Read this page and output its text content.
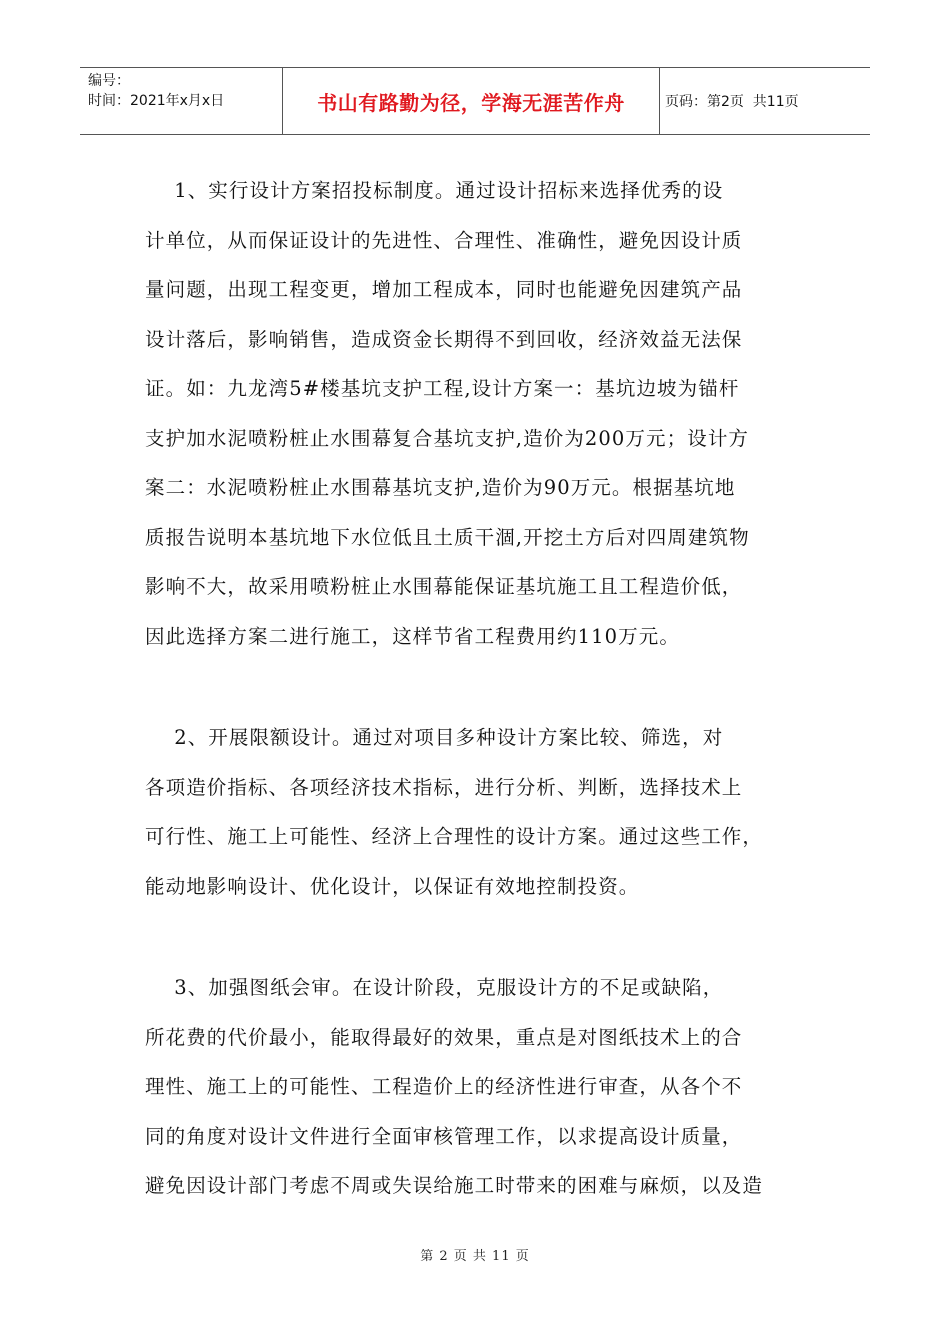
编号：
时间：2021年x月x日	书山有路勤为径，学海无涯苦作舟	页码：第2页  共11页
1、实行设计方案招投标制度。通过设计招标来选择优秀的设
计单位，从而保证设计的先进性、合理性、准确性，避免因设计质
量问题，出现工程变更，增加工程成本，同时也能避免因建筑产品
设计落后，影响销售，造成资金长期得不到回收，经济效益无法保
证。如：九龙湾5#楼基坑支护工程,设计方案一：基坑边坡为锚杆
支护加水泥喷粉桩止水围幕复合基坑支护,造价为200万元；设计方
案二：水泥喷粉桩止水围幕基坑支护,造价为90万元。根据基坑地
质报告说明本基坑地下水位低且土质干涸,开挖土方后对四周建筑物
影响不大，故采用喷粉桩止水围幕能保证基坑施工且工程造价低，
因此选择方案二进行施工，这样节省工程费用约110万元。
2、开展限额设计。通过对项目多种设计方案比较、筛选，对
各项造价指标、各项经济技术指标，进行分析、判断，选择技术上
可行性、施工上可能性、经济上合理性的设计方案。通过这些工作，
能动地影响设计、优化设计，以保证有效地控制投资。
3、加强图纸会审。在设计阶段，克服设计方的不足或缺陷，
所花费的代价最小，能取得最好的效果，重点是对图纸技术上的合
理性、施工上的可能性、工程造价上的经济性进行审查，从各个不
同的角度对设计文件进行全面审核管理工作，以求提高设计质量，
避免因设计部门考虑不周或失误给施工时带来的困难与麻烦，以及造
第 2 页 共 11 页
